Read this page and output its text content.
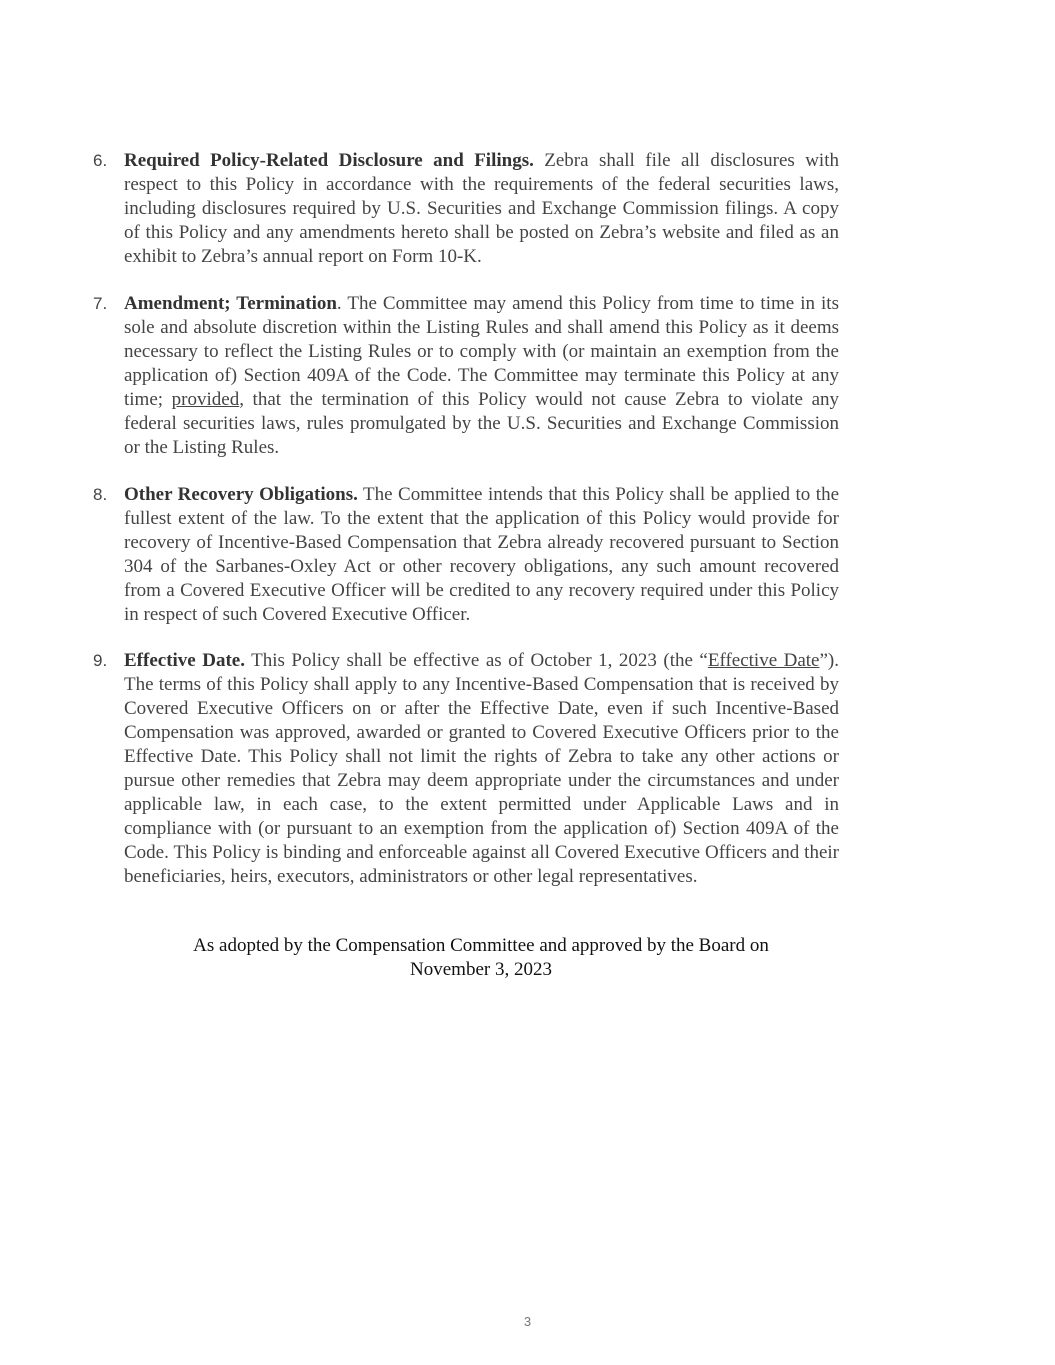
6. Required Policy-Related Disclosure and Filings. Zebra shall file all disclosures with respect to this Policy in accordance with the requirements of the federal securities laws, including disclosures required by U.S. Securities and Exchange Commission filings. A copy of this Policy and any amendments hereto shall be posted on Zebra’s website and filed as an exhibit to Zebra’s annual report on Form 10-K.
7. Amendment; Termination. The Committee may amend this Policy from time to time in its sole and absolute discretion within the Listing Rules and shall amend this Policy as it deems necessary to reflect the Listing Rules or to comply with (or maintain an exemption from the application of) Section 409A of the Code. The Committee may terminate this Policy at any time; provided, that the termination of this Policy would not cause Zebra to violate any federal securities laws, rules promulgated by the U.S. Securities and Exchange Commission or the Listing Rules.
8. Other Recovery Obligations. The Committee intends that this Policy shall be applied to the fullest extent of the law. To the extent that the application of this Policy would provide for recovery of Incentive-Based Compensation that Zebra already recovered pursuant to Section 304 of the Sarbanes-Oxley Act or other recovery obligations, any such amount recovered from a Covered Executive Officer will be credited to any recovery required under this Policy in respect of such Covered Executive Officer.
9. Effective Date. This Policy shall be effective as of October 1, 2023 (the “Effective Date”). The terms of this Policy shall apply to any Incentive-Based Compensation that is received by Covered Executive Officers on or after the Effective Date, even if such Incentive-Based Compensation was approved, awarded or granted to Covered Executive Officers prior to the Effective Date. This Policy shall not limit the rights of Zebra to take any other actions or pursue other remedies that Zebra may deem appropriate under the circumstances and under applicable law, in each case, to the extent permitted under Applicable Laws and in compliance with (or pursuant to an exemption from the application of) Section 409A of the Code. This Policy is binding and enforceable against all Covered Executive Officers and their beneficiaries, heirs, executors, administrators or other legal representatives.
As adopted by the Compensation Committee and approved by the Board on
November 3, 2023
3
